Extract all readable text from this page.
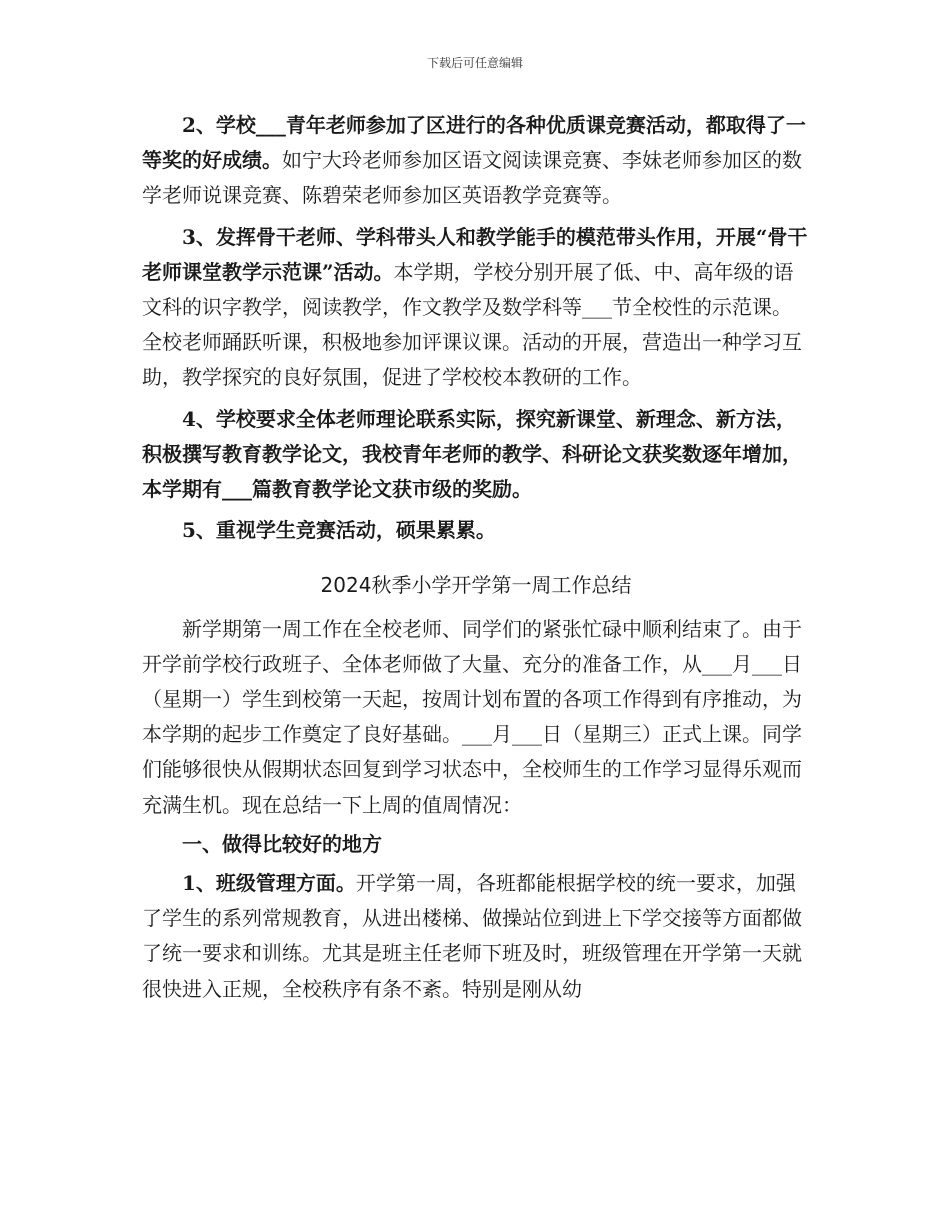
下载后可任意编辑

2、学校___青年老师参加了区进行的各种优质课竞赛活动，都取得了一等奖的好成绩。如宁大玲老师参加区语文阅读课竞赛、李妹老师参加区的数学老师说课竞赛、陈碧荣老师参加区英语教学竞赛等。

3、发挥骨干老师、学科带头人和教学能手的模范带头作用，开展“骨干老师课堂教学示范课”活动。本学期，学校分别开展了低、中、高年级的语文科的识字教学，阅读教学，作文教学及数学科等___节全校性的示范课。全校老师踊跃听课，积极地参加评课议课。活动的开展，营造出一种学习互助，教学探究的良好氛围，促进了学校校本教研的工作。

4、学校要求全体老师理论联系实际，探究新课堂、新理念、新方法，积极撰写教育教学论文，我校青年老师的教学、科研论文获奖数逐年增加，本学期有___篇教育教学论文获市级的奖励。

5、重视学生竞赛活动，硕果累累。

2024秋季小学开学第一周工作总结

新学期第一周工作在全校老师、同学们的紧张忙碌中顺利结束了。由于开学前学校行政班子、全体老师做了大量、充分的准备工作，从___月___日（星期一）学生到校第一天起，按周计划布置的各项工作得到有序推动，为本学期的起步工作奠定了良好基础。___月___日（星期三）正式上课。同学们能够很快从假期状态回复到学习状态中，全校师生的工作学习显得乐观而充满生机。现在总结一下上周的值周情况：

一、做得比较好的地方

1、班级管理方面。开学第一周，各班都能根据学校的统一要求，加强了学生的系列常规教育，从进出楼梯、做操站位到进上下学交接等方面都做了统一要求和训练。尤其是班主任老师下班及时，班级管理在开学第一天就很快进入正规，全校秩序有条不紊。特别是刚从幼
